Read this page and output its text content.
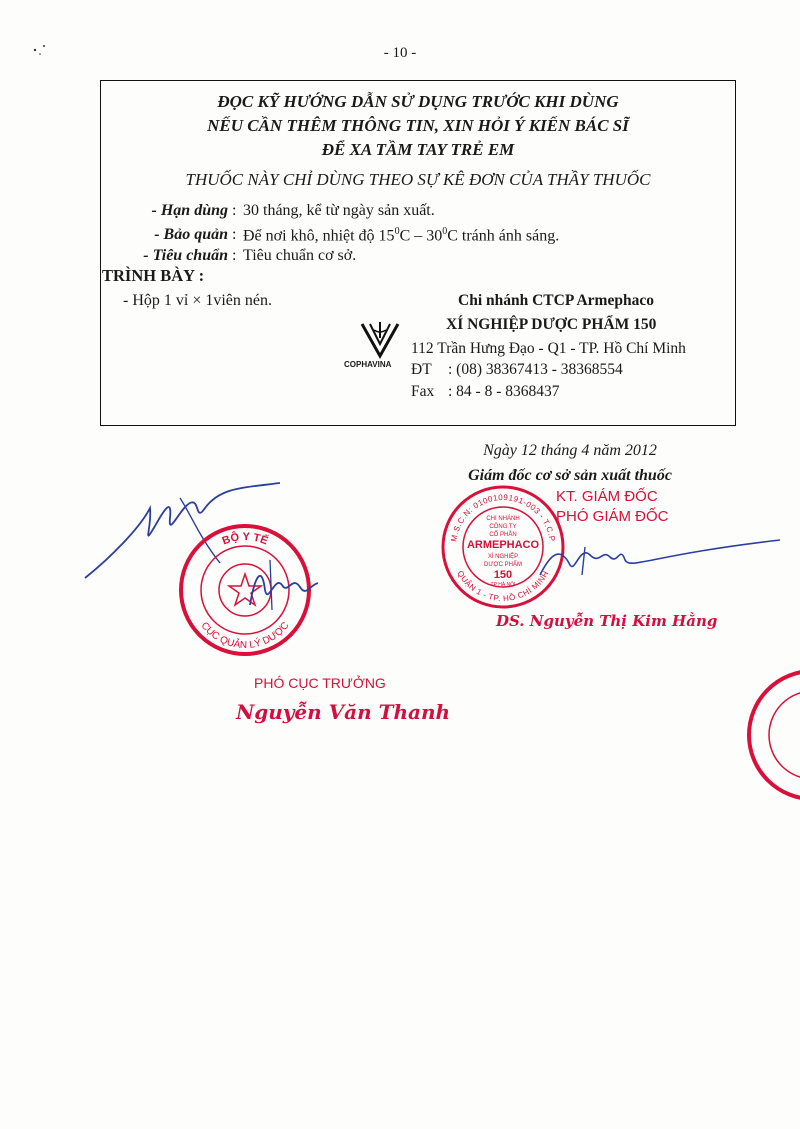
- 10 -
ĐỌC KỸ HƯỚNG DẪN SỬ DỤNG TRƯỚC KHI DÙNG
NẾU CẦN THÊM THÔNG TIN, XIN HỎI Ý KIẾN BÁC SĨ
ĐỂ XA TẦM TAY TRẺ EM
THUỐC NÀY CHỈ DÙNG THEO SỰ KÊ ĐƠN CỦA THẦY THUỐC
- Hạn dùng : 30 tháng, kể từ ngày sản xuất.
- Bảo quản : Để nơi khô, nhiệt độ $15^0C - 30^0C$ tránh ánh sáng.
- Tiêu chuẩn : Tiêu chuẩn cơ sở.
TRÌNH BÀY :
- Hộp 1 vỉ × 1viên nén.	Chi nhánh CTCP Armephaco
XÍ NGHIỆP DƯỢC PHẨM 150
112 Trần Hưng Đạo - Q1 - TP. Hồ Chí Minh
ĐT : (08) 38367413 - 38368554
Fax : 84 - 8 - 8368437
COPHAVINA
Ngày 12 tháng 4 năm 2012
Giám đốc cơ sở sản xuất thuốc
M.S.C.N: 0100109191-003 - T.C.P
QUẬN 1 - TP. HỒ CHÍ MINH
CHI NHÁNH
CÔNG TY
CỔ PHẦN
ARMEPHACO
XÍ NGHIỆP
DƯỢC PHẨM
150
TP HÀ NỘI
KT. GIÁM ĐỐC
PHÓ GIÁM ĐỐC
DS. Nguyễn Thị Kim Hằng
BỘ Y TẾ
CỤC QUẢN LÝ DƯỢC
PHÓ CỤC TRƯỞNG
Nguyễn Văn Thanh
